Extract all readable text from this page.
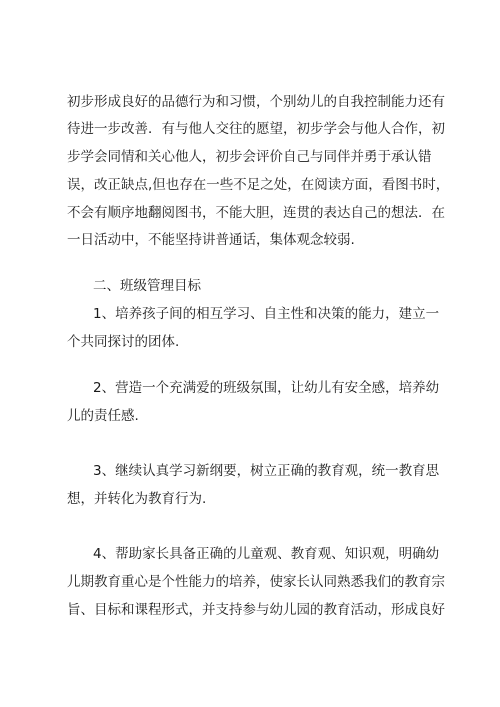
初步形成良好的品德行为和习惯，个别幼儿的自我控制能力还有
待进一步改善．有与他人交往的愿望，初步学会与他人合作，初
步学会同情和关心他人，初步会评价自己与同伴并勇于承认错
误，改正缺点,但也存在一些不足之处，在阅读方面，看图书时，
不会有顺序地翻阅图书，不能大胆，连贯的表达自己的想法．在
一日活动中，不能坚持讲普通话，集体观念较弱.
二、班级管理目标
1、培养孩子间的相互学习、自主性和决策的能力，建立一
个共同探讨的团体.
2、营造一个充满爱的班级氛围，让幼儿有安全感，培养幼
儿的责任感.
3、继续认真学习新纲要，树立正确的教育观，统一教育思
想，并转化为教育行为.
4、帮助家长具备正确的儿童观、教育观、知识观，明确幼
儿期教育重心是个性能力的培养，使家长认同熟悉我们的教育宗
旨、目标和课程形式，并支持参与幼儿园的教育活动，形成良好
